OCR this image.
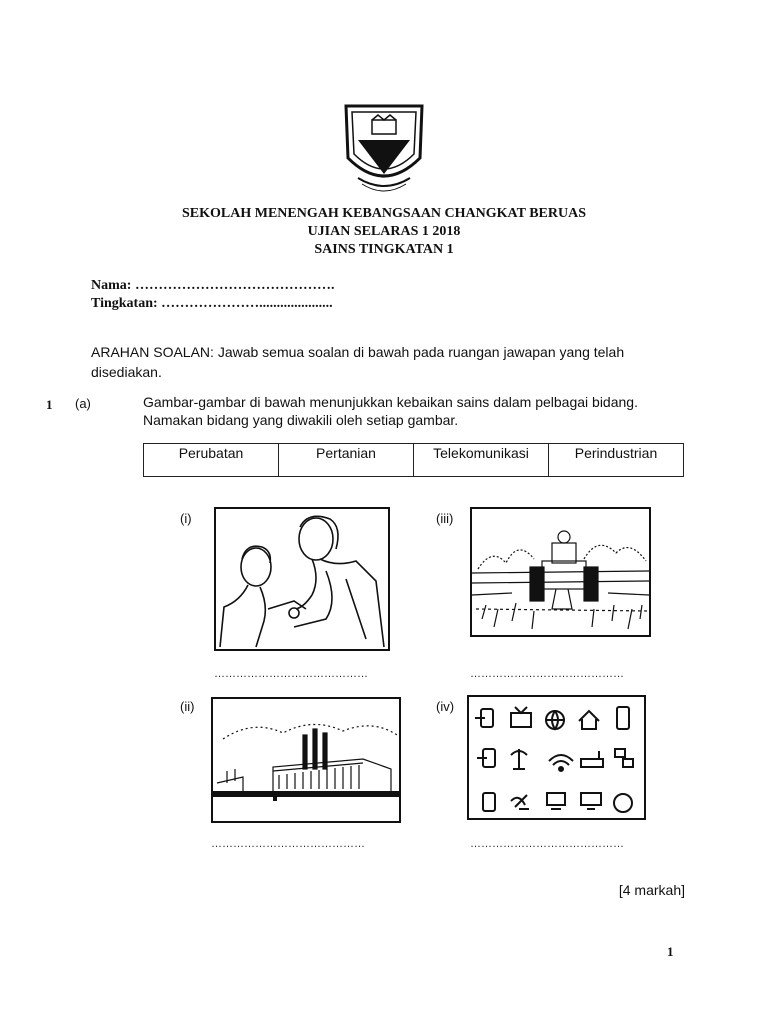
SEKOLAH MENENGAH KEBANGSAAN CHANGKAT BERUAS
UJIAN SELARAS 1 2018
SAINS TINGKATAN 1
Nama: …………………………………….
Tingkatan: ………………….....................
ARAHAN SOALAN: Jawab semua soalan di bawah pada ruangan jawapan yang telah disediakan.
1 (a)	Gambar-gambar di bawah menunjukkan kebaikan sains dalam pelbagai bidang.
Namakan bidang yang diwakili oleh setiap gambar.
Perubatan	Pertanian	Telekomunikasi	Perindustrian
(i)
……………………………………
(iii)
……………………………………
(ii)
……………………………………
(iv)
……………………………………
[4 markah]
1
